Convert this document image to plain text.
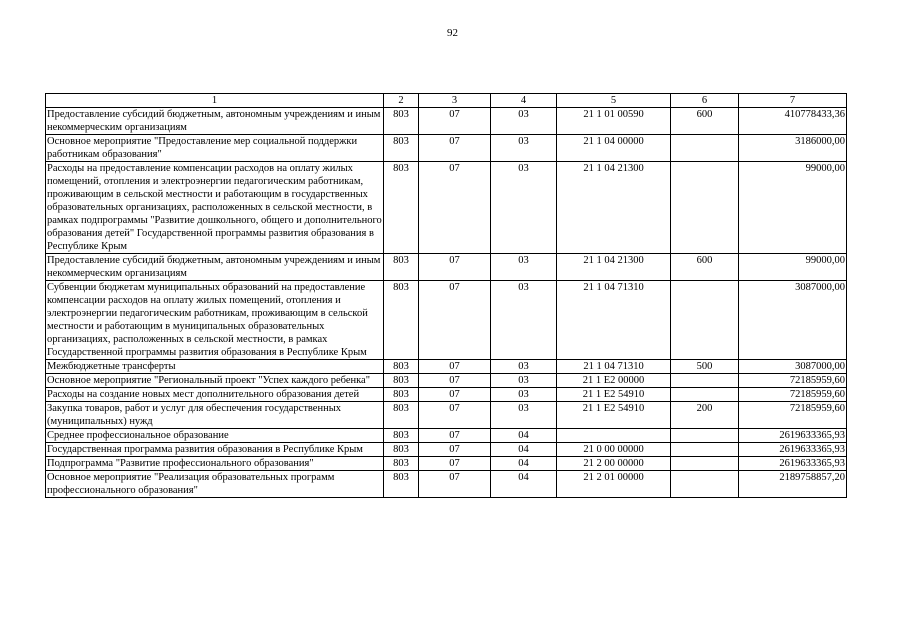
92
1	2	3	4	5	6	7
Предоставление субсидий бюджетным, автономным учреждениям и иным некоммерческим организациям	803	07	03	21 1 01 00590	600	410778433,36
Основное мероприятие "Предоставление мер социальной поддержки работникам образования"	803	07	03	21 1 04 00000		3186000,00
Расходы на предоставление компенсации расходов на оплату жилых помещений, отопления и электроэнергии педагогическим работникам, проживающим в сельской местности и работающим в государственных образовательных организациях, расположенных в сельской местности, в рамках подпрограммы "Развитие дошкольного, общего и дополнительного образования детей" Государственной программы развития образования в Республике Крым	803	07	03	21 1 04 21300		99000,00
Предоставление субсидий бюджетным, автономным учреждениям и иным некоммерческим организациям	803	07	03	21 1 04 21300	600	99000,00
Субвенции бюджетам муниципальных образований на предоставление компенсации расходов на оплату жилых помещений, отопления и электроэнергии педагогическим работникам, проживающим в сельской местности и работающим в муниципальных образовательных организациях, расположенных в сельской местности, в рамках Государственной программы развития образования в Республике Крым	803	07	03	21 1 04 71310		3087000,00
Межбюджетные трансферты	803	07	03	21 1 04 71310	500	3087000,00
Основное мероприятие "Региональный проект "Успех каждого ребенка"	803	07	03	21 1 E2 00000		72185959,60
Расходы на создание новых мест дополнительного образования детей	803	07	03	21 1 E2 54910		72185959,60
Закупка товаров, работ и услуг для обеспечения государственных (муниципальных) нужд	803	07	03	21 1 E2 54910	200	72185959,60
Среднее профессиональное образование	803	07	04			2619633365,93
Государственная программа развития образования в Республике Крым	803	07	04	21 0 00 00000		2619633365,93
Подпрограмма "Развитие профессионального образования"	803	07	04	21 2 00 00000		2619633365,93
Основное мероприятие "Реализация образовательных программ профессионального образования"	803	07	04	21 2 01 00000		2189758857,20
